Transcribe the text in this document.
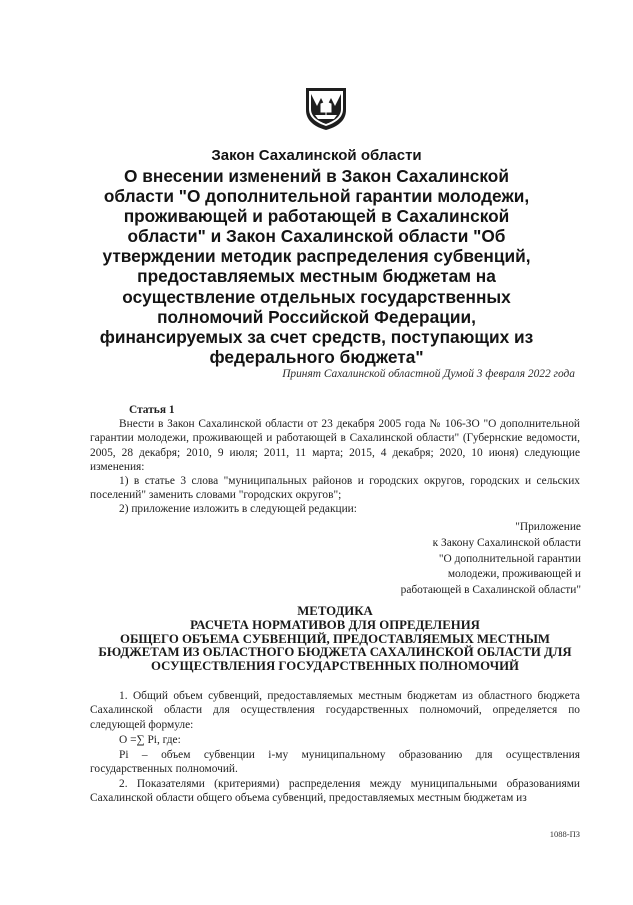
Закон Сахалинской области
О внесении изменений в Закон Сахалинской
области "О дополнительной гарантии молодежи,
проживающей и работающей в Сахалинской
области" и Закон Сахалинской области "Об
утверждении методик распределения субвенций,
предоставляемых местным бюджетам на
осуществление отдельных государственных
полномочий Российской Федерации,
финансируемых за счет средств, поступающих из
федерального бюджета"
Принят Сахалинской областной Думой 3 февраля 2022 года

Статья 1

Внести в Закон Сахалинской области от 23 декабря 2005 года № 106-ЗО "О дополнительной гарантии молодежи, проживающей и работающей в Сахалинской области" (Губернские ведомости, 2005, 28 декабря; 2010, 9 июля; 2011, 11 марта; 2015, 4 декабря; 2020, 10 июня) следующие изменения:

1) в статье 3 слова "муниципальных районов и городских округов, городских и сельских поселений" заменить словами "городских округов";

2) приложение изложить в следующей редакции:

"Приложение
к Закону Сахалинской области
"О дополнительной гарантии
молодежи, проживающей и
работающей в Сахалинской области"
МЕТОДИКА
РАСЧЕТА НОРМАТИВОВ ДЛЯ ОПРЕДЕЛЕНИЯ
ОБЩЕГО ОБЪЕМА СУБВЕНЦИЙ, ПРЕДОСТАВЛЯЕМЫХ МЕСТНЫМ
БЮДЖЕТАМ ИЗ ОБЛАСТНОГО БЮДЖЕТА САХАЛИНСКОЙ ОБЛАСТИ ДЛЯ
ОСУЩЕСТВЛЕНИЯ ГОСУДАРСТВЕННЫХ ПОЛНОМОЧИЙ

1. Общий объем субвенций, предоставляемых местным бюджетам из областного бюджета Сахалинской области для осуществления государственных полномочий, определяется по следующей формуле:

O =∑ Pi, где:

Pi – объем субвенции i-му муниципальному образованию для осуществления государственных полномочий.

2. Показателями (критериями) распределения между муниципальными образованиями Сахалинской области общего объема субвенций, предоставляемых местным бюджетам из

1088-ПЗ
